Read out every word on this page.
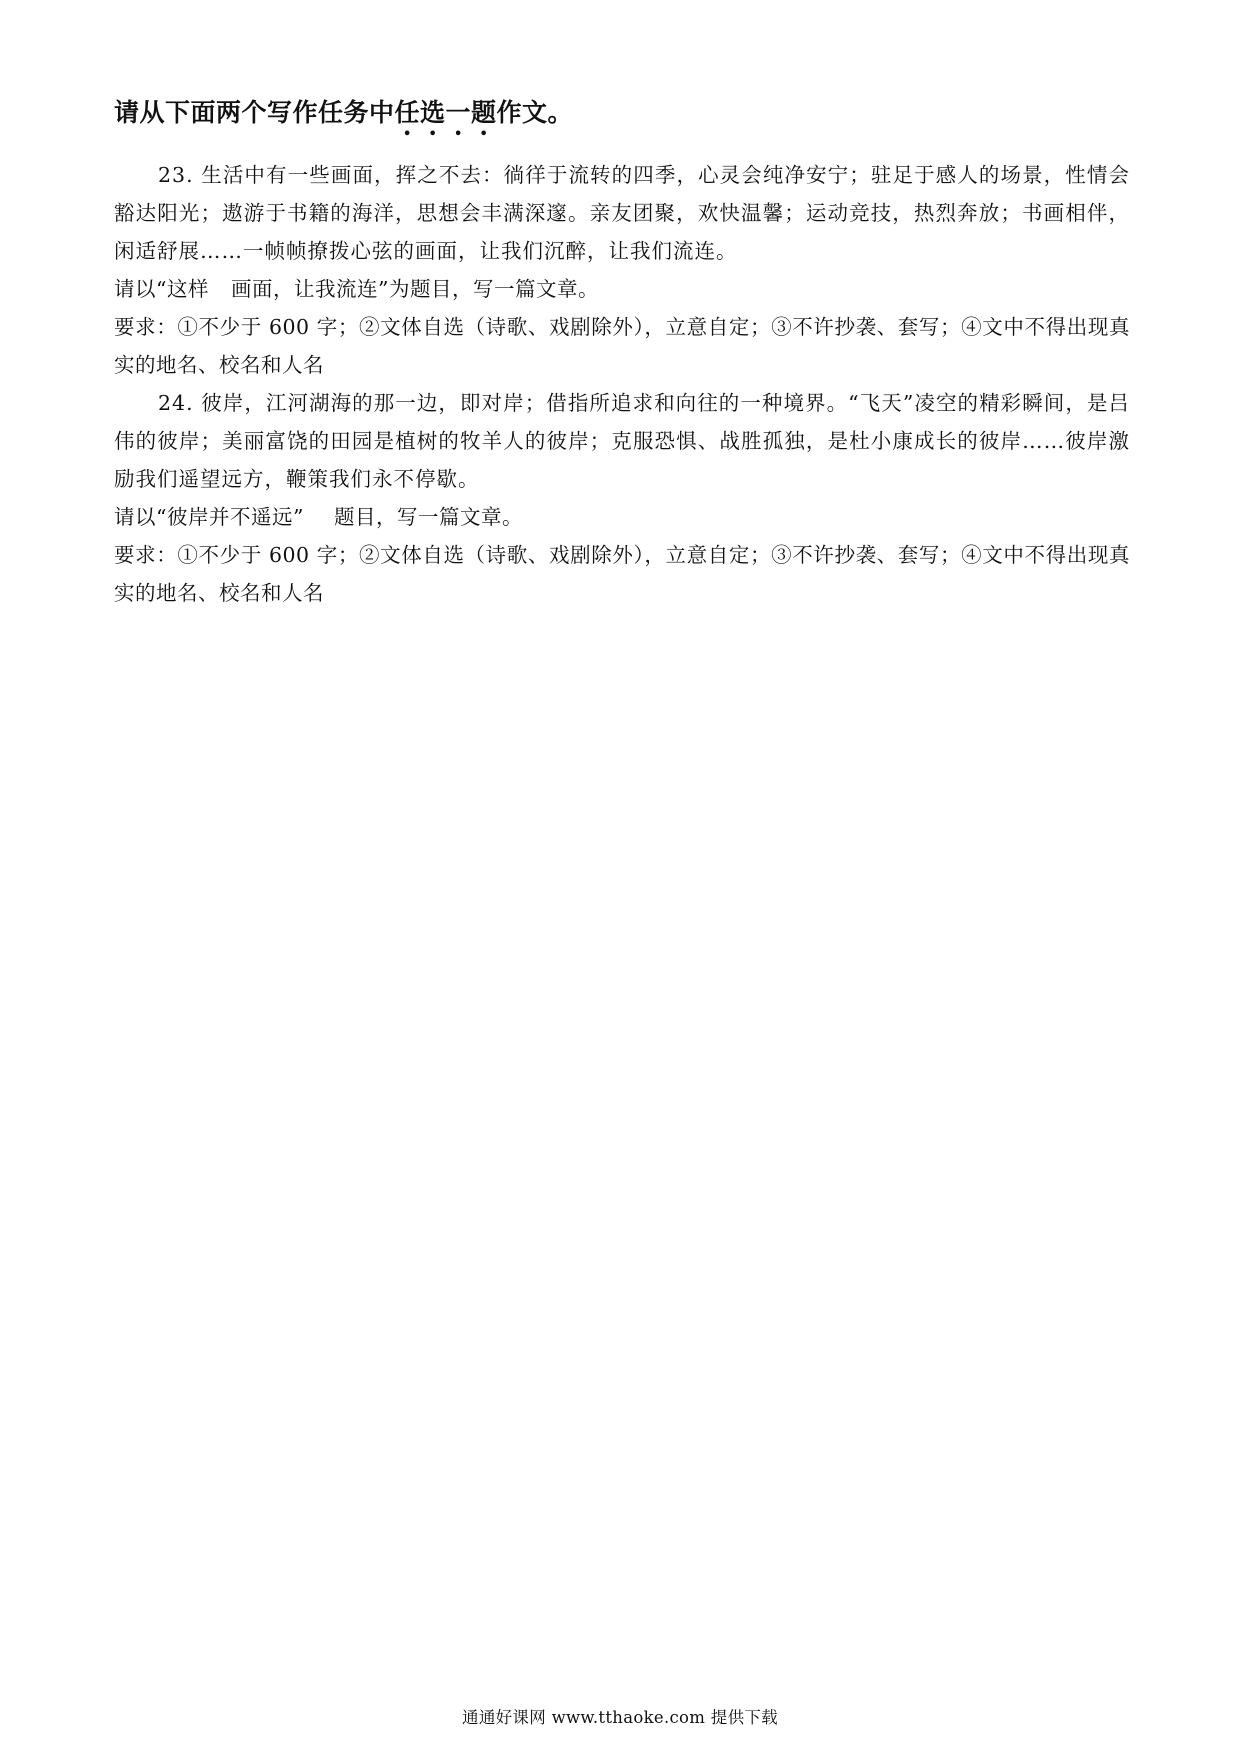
请从下面两个写作任务中任选一题作文。

23. 生活中有一些画面，挥之不去：徜徉于流转的四季，心灵会纯净安宁；驻足于感人的场景，性情会豁达阳光；遨游于书籍的海洋，思想会丰满深邃。亲友团聚，欢快温馨；运动竞技，热烈奔放；书画相伴，闲适舒展……一帧帧撩拨心弦的画面，让我们沉醉，让我们流连。

请以“这样 画面，让我流连”为题目，写一篇文章。

要求：①不少于 600 字；②文体自选（诗歌、戏剧除外），立意自定；③不许抄袭、套写；④文中不得出现真实的地名、校名和人名

24. 彼岸，江河湖海的那一边，即对岸；借指所追求和向往的一种境界。“飞天”凌空的精彩瞬间，是吕伟的彼岸；美丽富饶的田园是植树的牧羊人的彼岸；克服恐惧、战胜孤独，是杜小康成长的彼岸……彼岸激励我们遥望远方，鞭策我们永不停歇。

请以“彼岸并不遥远” 题目，写一篇文章。

要求：①不少于 600 字；②文体自选（诗歌、戏剧除外），立意自定；③不许抄袭、套写；④文中不得出现真实的地名、校名和人名

通通好课网 www.tthaoke.com 提供下载
